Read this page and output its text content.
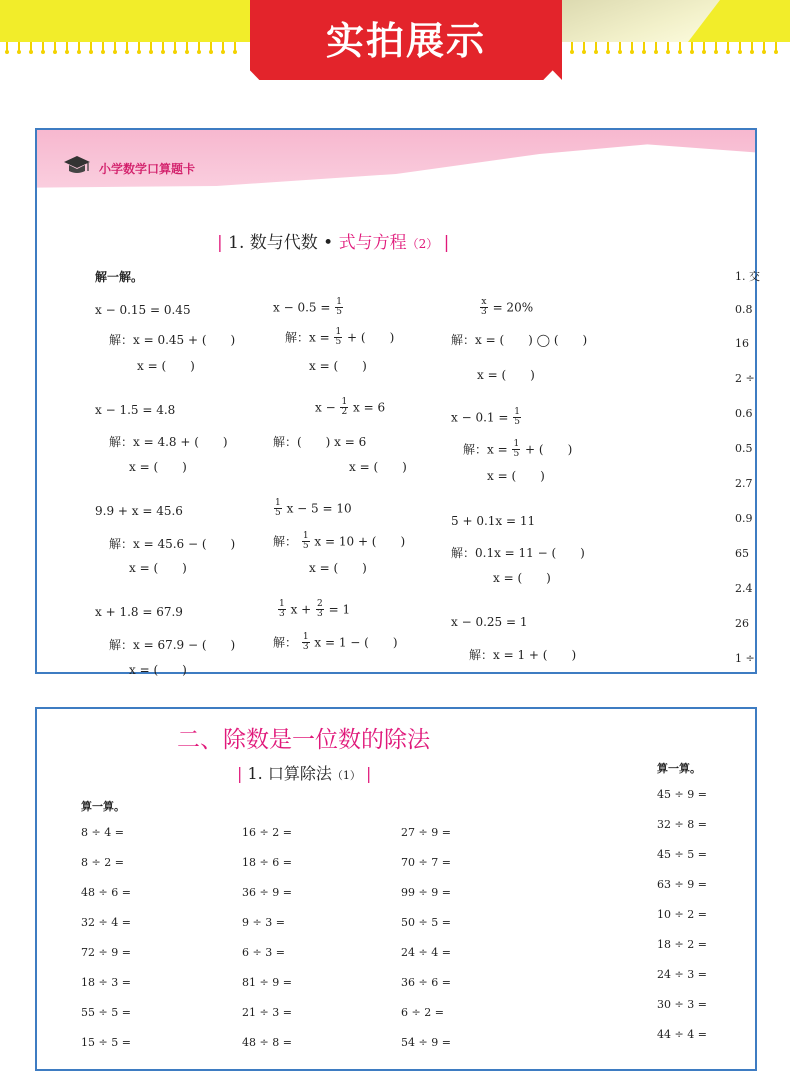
实拍展示
小学数学口算题卡
| 1. 数与代数 • 式与方程（2） |
解一解。
x − 0.15 = 0.45
解：x = 0.45 + (　　)
x = (　　)
x − 1.5 = 4.8
解：x = 4.8 + (　　)
x = (　　)
9.9 + x = 45.6
解：x = 45.6 − (　　)
x = (　　)
x + 1.8 = 67.9
解：x = 67.9 − (　　)
x = (　　)
$x - 0.5 = \frac{1}{5}$
解：$x = \frac{1}{5}$ + (　　)
x = (　　)
$x - \frac{1}{2}$ x = 6
解：(　　) x = 6
x = (　　)
$\frac{1}{5}$ x − 5 = 10
解： $\frac{1}{5}$ x = 10 + (　　)
x = (　　)
$\frac{1}{3}$ $x + \frac{2}{3} = 1$
解： $\frac{1}{3}$ x = 1 − (　　)
$\frac{x}{3} = 20\%$
解：x = (　　) ◯ (　　)
x = (　　)
$x - 0.1 = \frac{1}{5}$
解：$x = \frac{1}{5}$ + (　　)
x = (　　)
5 + 0.1x = 11
解：0.1x = 11 − (　　)
x = (　　)
x − 0.25 = 1
解：x = 1 + (　　)
1. 交
0.8
16
2 ÷
0.6
0.5
2.7
0.9
65
2.4
26
1 ÷
二、除数是一位数的除法
| 1. 口算除法（1） |
算一算。
算一算。
8 ÷ 4 =
8 ÷ 2 =
48 ÷ 6 =
32 ÷ 4 =
72 ÷ 9 =
18 ÷ 3 =
55 ÷ 5 =
15 ÷ 5 =
16 ÷ 2 =
18 ÷ 6 =
36 ÷ 9 =
9 ÷ 3 =
6 ÷ 3 =
81 ÷ 9 =
21 ÷ 3 =
48 ÷ 8 =
27 ÷ 9 =
70 ÷ 7 =
99 ÷ 9 =
50 ÷ 5 =
24 ÷ 4 =
36 ÷ 6 =
6 ÷ 2 =
54 ÷ 9 =
45 ÷ 9 =
32 ÷ 8 =
45 ÷ 5 =
63 ÷ 9 =
10 ÷ 2 =
18 ÷ 2 =
24 ÷ 3 =
30 ÷ 3 =
44 ÷ 4 =
